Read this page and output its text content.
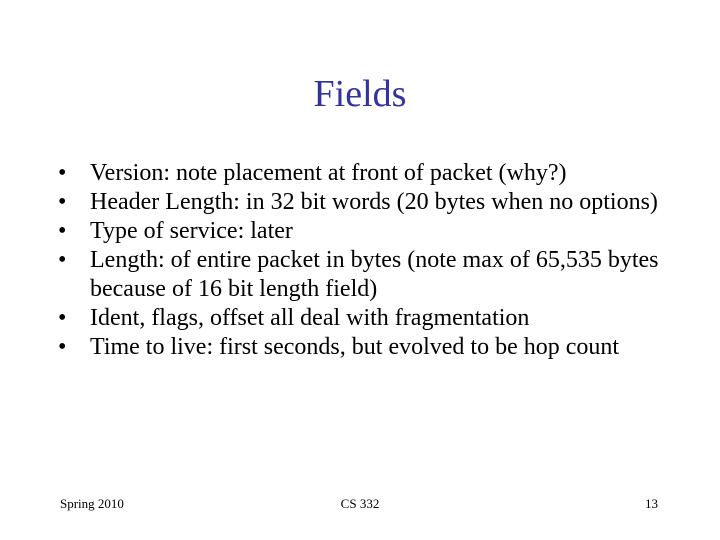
Fields
• Version: note placement at front of packet (why?)
• Header Length: in 32 bit words (20 bytes when no options)
• Type of service: later
• Length: of entire packet in bytes (note max of 65,535 bytes because of 16 bit length field)
• Ident, flags, offset all deal with fragmentation
• Time to live: first seconds, but evolved to be hop count
Spring 2010	CS 332	13
